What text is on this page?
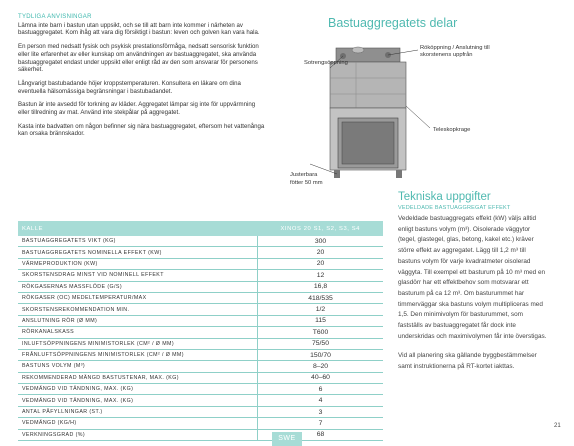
TYDLIGA ANVISNINGAR

Lämna inte barn i bastun utan uppsikt, och se till att barn inte kommer i närheten av bastuaggregatet. Kom ihåg att vara dig försiktigt i bastun: leven och golven kan vara hala.

En person med nedsatt fysisk och psykisk prestationsförmåga, nedsatt sensorisk funktion eller lite erfarenhet av eller kunskap om användningen av bastuaggregatet, ska använda bastuaggregatet endast under uppsikt eller enligt råd av den som ansvarar för personens säkerhet.

Långvarigt bastubadande höjer kroppstemperaturen. Konsultera en läkare om dina eventuella hälsomässiga begränsningar i bastubadandet.

Bastun är inte avsedd för torkning av kläder. Aggregatet lämpar sig inte för uppvärmning eller tillredning av mat. Använd inte stekpålar på aggregatet.

Kasta inte badvatten om någon befinner sig nära bastuaggregatet, eftersom het vattenånga kan orsaka brännskador.

Bastuaggregatets delar
Rököppning / Anslutning till skorstenens uppfrån
Sotrengsöppning
Teleskopkrage
Justerbara
fötter 50 mm
KALLE	XINOS 20 S1, S2, S3, S4
BASTUAGGREGATETS VIKT (KG)	300
BASTUAGGREGATETS NOMINELLA EFFEKT (KW)	20
VÄRMEPRODUKTION (KW)	20
SKORSTENSDRAG MINST VID NOMINELL EFFEKT	12
RÖKGASERNAS MASSFLÖDE (G/S)	16,8
RÖKGASER (OC) MEDELTEMPERATUR/MAX	418/535
SKORSTENSREKOMMENDATION MIN.	1/2
ANSLUTNING RÖR (Ø MM)	115
RÖRKANALSKASS	T600
INLUFTSÖPPNINGENS MINIMISTORLEK (CM² / Ø MM)	75/50
FRÅNLUFTSÖPPNINGENS MINIMISTORLEK (CM² / Ø MM)	150/70
BASTUNS VOLYM (M³)	8–20
REKOMMENDERAD MÄNGD BASTUSTENAR, MAX. (KG)	40–60
VEDMÄNGD VID TÄNDNING, MAX. (KG)	6
VEDMÄNGD VID TÄNDNING, MAX. (KG)	4
ANTAL PÅFYLLNINGAR (ST.)	3
VEDMÄNGD (KG/H)	7
VERKNINGSGRAD (%)	68
Tekniska uppgifter
VEDELDADE BASTUAGGREGAT EFFEKT

Vedeldade bastuaggregats effekt (kW) väljs alltid enligt bastuns volym (m³). Oisolerade väggytor (tegel, glastegel, glas, betong, kakel etc.) kräver större effekt av aggregatet. Lägg till 1,2 m³ till bastuns volym för varje kvadratmeter oisolerad väggyta. Till exempel ett basturum på 10 m³ med en glasdörr har ett effektbehov som motsvarar ett basturum på ca 12 m³. Om basturummet har timmerväggar ska bastuns volym multipliceras med 1,5. Den minimivolym för basturummet, som fastställs av bastuaggregatet får dock inte underskridas och maximivolymen får inte överstigas.

Vid all planering ska gällande byggbestämmelser samt instruktionerna på RT-kortet iakttas.

21
SWE
